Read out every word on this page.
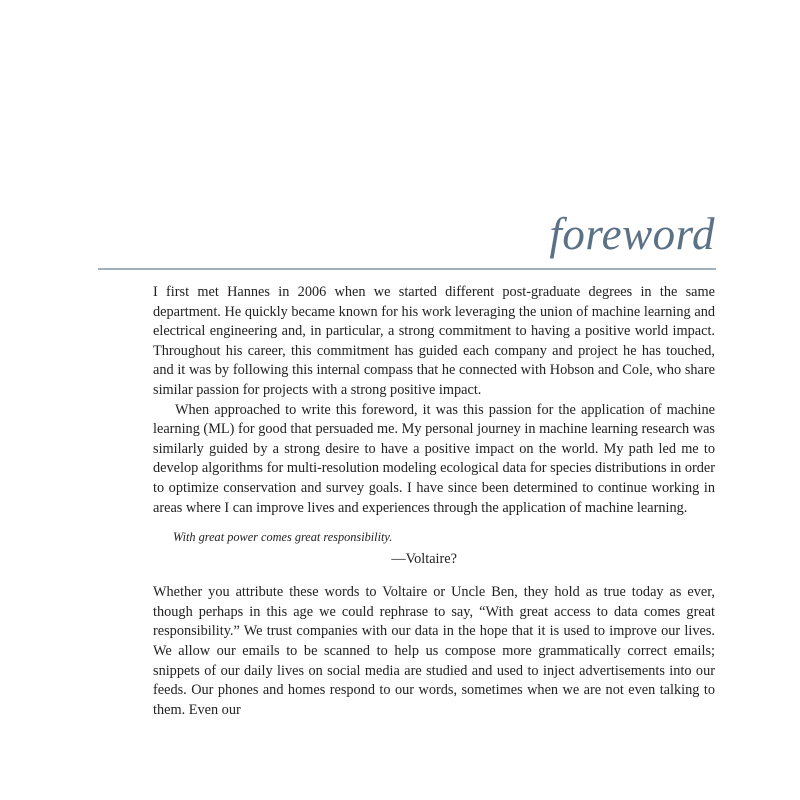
foreword

I first met Hannes in 2006 when we started different post-graduate degrees in the same department. He quickly became known for his work leveraging the union of machine learning and electrical engineering and, in particular, a strong commitment to having a positive world impact. Throughout his career, this commitment has guided each company and project he has touched, and it was by following this internal compass that he connected with Hobson and Cole, who share similar passion for projects with a strong positive impact.

When approached to write this foreword, it was this passion for the application of machine learning (ML) for good that persuaded me. My personal journey in machine learning research was similarly guided by a strong desire to have a positive impact on the world. My path led me to develop algorithms for multi-resolution modeling ecological data for species distributions in order to optimize conservation and survey goals. I have since been determined to continue working in areas where I can improve lives and experiences through the application of machine learning.

With great power comes great responsibility.

—Voltaire?

Whether you attribute these words to Voltaire or Uncle Ben, they hold as true today as ever, though perhaps in this age we could rephrase to say, “With great access to data comes great responsibility.” We trust companies with our data in the hope that it is used to improve our lives. We allow our emails to be scanned to help us compose more grammatically correct emails; snippets of our daily lives on social media are studied and used to inject advertisements into our feeds. Our phones and homes respond to our words, sometimes when we are not even talking to them. Even our
